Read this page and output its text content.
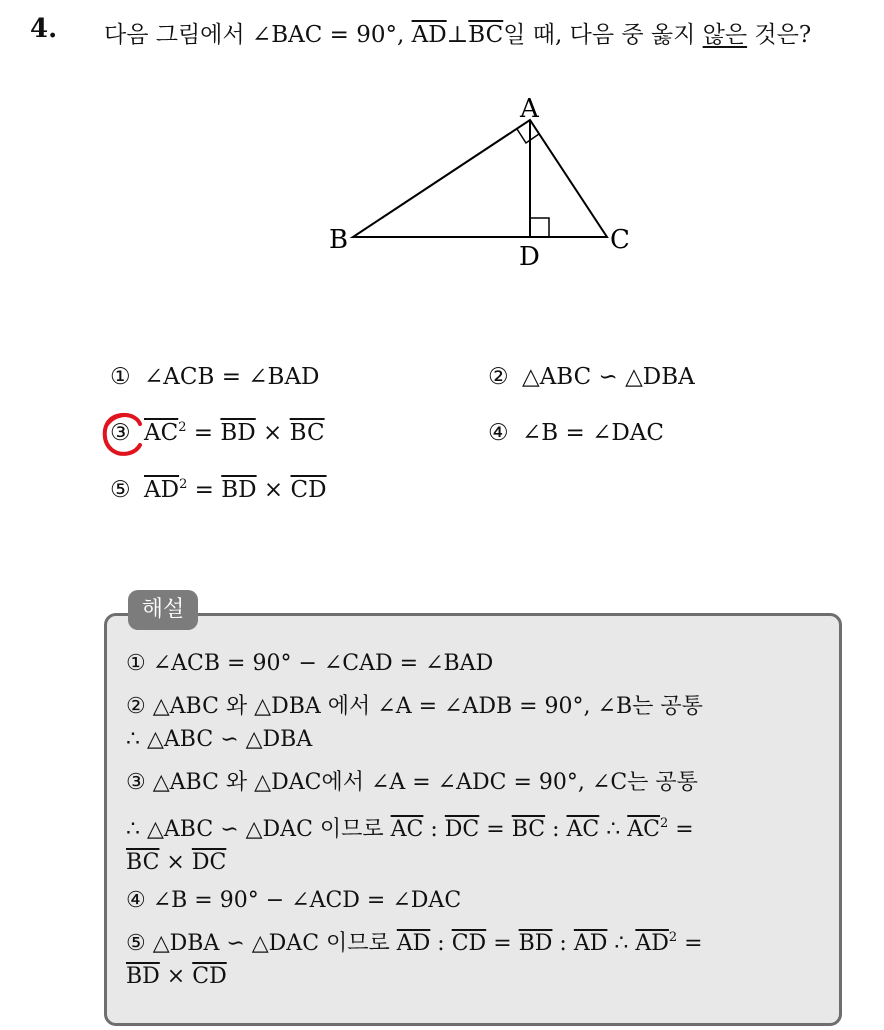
4. 다음 그림에서 ∠BAC = 90°, $\overline{AD}\perp\overline{BC}$일 때, 다음 중 옳지 않은 것은?
A
B	C
D
① ∠ACB = ∠BAD	② △ABC ∽ △DBA
③ $\overline{AC}^2 = \overline{BD} \times \overline{BC}$	④ ∠B = ∠DAC
⑤ $\overline{AD}^2 = \overline{BD} \times \overline{CD}$
해설
① ∠ACB = 90° − ∠CAD = ∠BAD
② △ABC 와 △DBA 에서 ∠A = ∠ADB = 90°, ∠B는 공통
∴ △ABC ∽ △DBA
③ △ABC 와 △DAC에서 ∠A = ∠ADC = 90°, ∠C는 공통
∴ △ABC ∽ △DAC 이므로 $\overline{AC}$ : $\overline{DC} = \overline{BC}$ : $\overline{AC}$ ∴ $\overline{AC}^2$ =
$\overline{BC} \times \overline{DC}$
④ ∠B = 90° − ∠ACD = ∠DAC
⑤ △DBA ∽ △DAC 이므로 $\overline{AD}$ : $\overline{CD} = \overline{BD}$ : $\overline{AD}$ ∴ $\overline{AD}^2$ =
$\overline{BD} \times \overline{CD}$
